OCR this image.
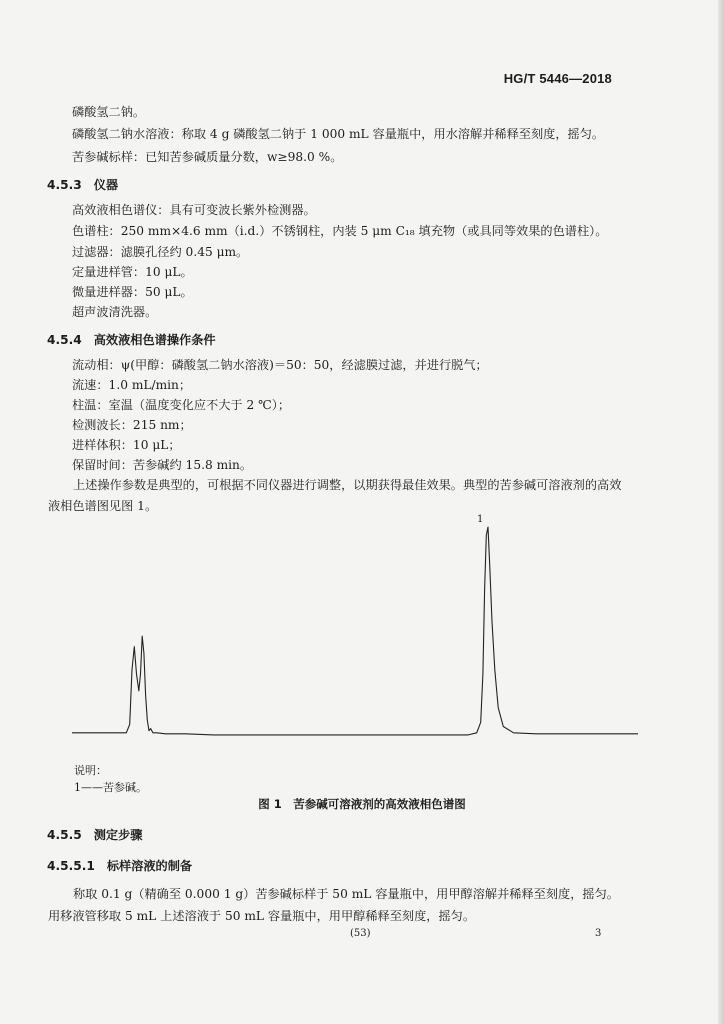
HG/T 5446—2018
磷酸氢二钠。
磷酸氢二钠水溶液：称取 4 g 磷酸氢二钠于 1 000 mL 容量瓶中，用水溶解并稀释至刻度，摇匀。
苦参碱标样：已知苦参碱质量分数，w≥98.0 %。
4.5.3 仪器
高效液相色谱仪：具有可变波长紫外检测器。
色谱柱：250 mm×4.6 mm（i.d.）不锈钢柱，内装 5 μm C₁₈ 填充物（或具同等效果的色谱柱）。
过滤器：滤膜孔径约 0.45 μm。
定量进样管：10 μL。
微量进样器：50 μL。
超声波清洗器。
4.5.4 高效液相色谱操作条件
流动相：ψ(甲醇：磷酸氢二钠水溶液)＝50：50，经滤膜过滤，并进行脱气；
流速：1.0 mL/min；
柱温：室温（温度变化应不大于 2 ℃）；
检测波长：215 nm；
进样体积：10 μL；
保留时间：苦参碱约 15.8 min。
上述操作参数是典型的，可根据不同仪器进行调整，以期获得最佳效果。典型的苦参碱可溶液剂的高效液相色谱图见图 1。
1
说明：
1——苦参碱。
图 1　苦参碱可溶液剂的高效液相色谱图
4.5.5 测定步骤
4.5.5.1 标样溶液的制备
称取 0.1 g（精确至 0.000 1 g）苦参碱标样于 50 mL 容量瓶中，用甲醇溶解并稀释至刻度，摇匀。用移液管移取 5 mL 上述溶液于 50 mL 容量瓶中，用甲醇稀释至刻度，摇匀。
(53)	3
